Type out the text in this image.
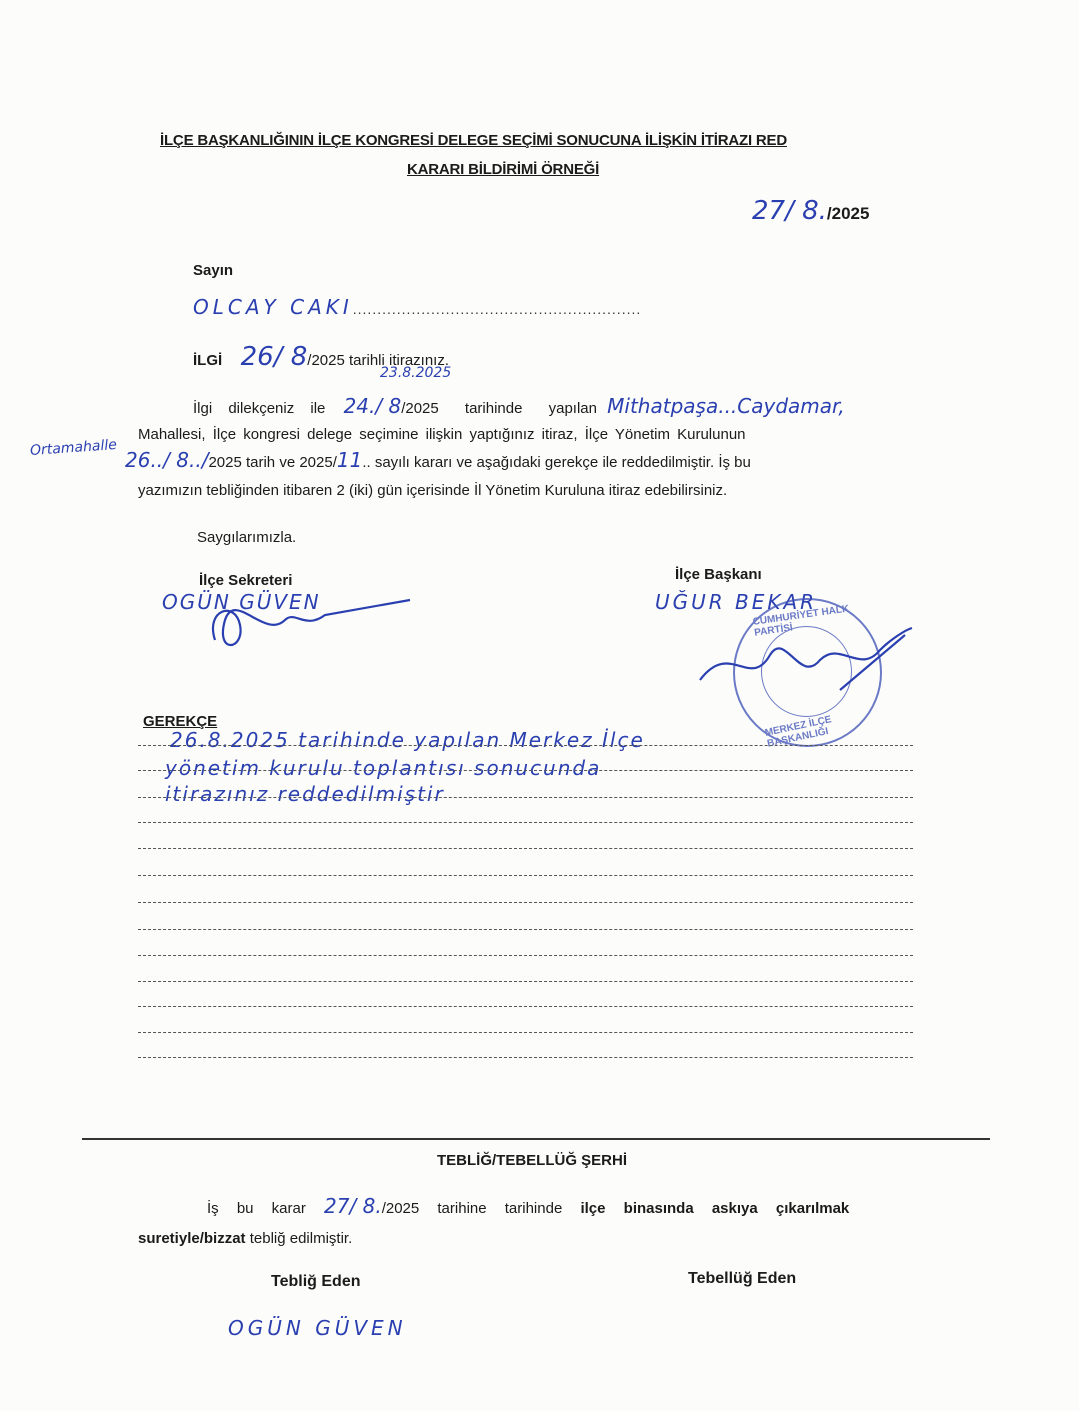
İLÇE BAŞKANLIĞININ İLÇE KONGRESİ DELEGE SEÇİMİ SONUCUNA İLİŞKİN İTİRAZI RED
KARARI BİLDİRİMİ ÖRNEĞİ
27/ 8./2025
Sayın
OLCAY CAKI...........................................................
İLGİ 26/ 8/2025 tarihli itirazınız.
23.8.2025
İlgi dilekçeniz ile 24./ 8/2025 tarihinde yapılan Mithatpaşa...Caydamar,
Ortamahalle
Mahallesi, İlçe kongresi delege seçimine ilişkin yaptığınız itiraz, İlçe Yönetim Kurulunun
26../ 8../2025 tarih ve 2025/11.. sayılı kararı ve aşağıdaki gerekçe ile reddedilmiştir. İş bu
yazımızın tebliğinden itibaren 2 (iki) gün içerisinde İl Yönetim Kuruluna itiraz edebilirsiniz.
Saygılarımızla.
İlçe Sekreteri
OGÜN GÜVEN
İlçe Başkanı
UĞUR BEKAR
CUMHURİYET HALK PARTİSİ
MERKEZ İLÇE BAŞKANLIĞI
GEREKÇE
26.8.2025 tarihinde yapılan Merkez İlçe
yönetim kurulu toplantısı sonucunda
itirazınız reddedilmiştir
TEBLİĞ/TEBELLÜĞ ŞERHİ
İş bu karar 27/ 8./2025 tarihine tarihinde ilçe binasında askıya çıkarılmak
suretiyle/bizzat tebliğ edilmiştir.
Tebliğ Eden	Tebellüğ Eden
OGÜN GÜVEN
